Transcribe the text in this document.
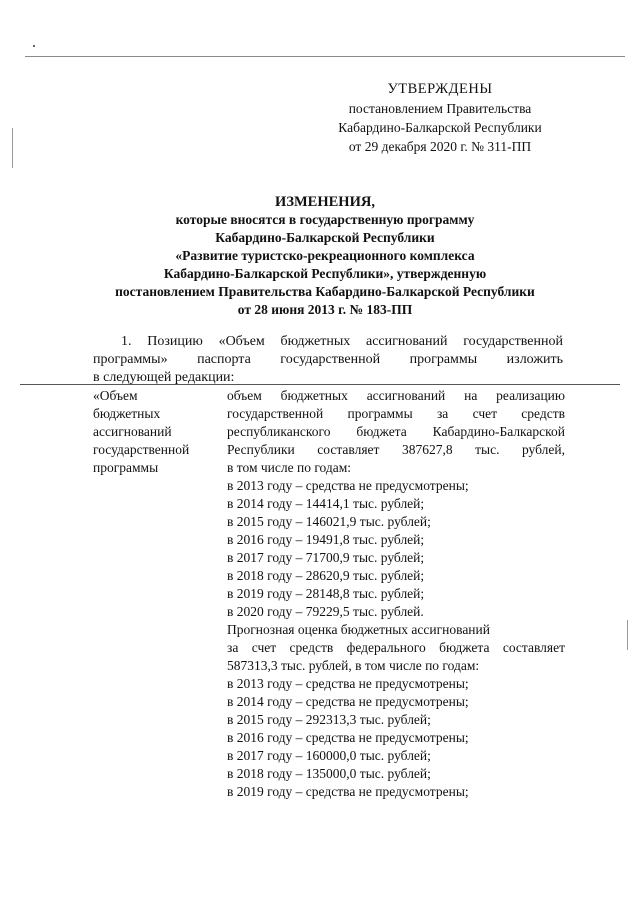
УТВЕРЖДЕНЫ
постановлением Правительства
Кабардино-Балкарской Республики
от 29 декабря 2020 г. № 311-ПП
ИЗМЕНЕНИЯ,
которые вносятся в государственную программу
Кабардино-Балкарской Республики
«Развитие туристско-рекреационного комплекса
Кабардино-Балкарской Республики», утвержденную
постановлением Правительства Кабардино-Балкарской Республики
от 28 июня 2013 г. № 183-ПП
1. Позицию «Объем бюджетных ассигнований государственной
программы» паспорта государственной программы изложить
в следующей редакции:
«Объем
бюджетных
ассигнований
государственной
программы
объем бюджетных ассигнований на реализацию
государственной программы за счет средств
республиканского бюджета Кабардино-Балкарской
Республики составляет 387627,8 тыс. рублей,
в том числе по годам:
в 2013 году – средства не предусмотрены;
в 2014 году – 14414,1 тыс. рублей;
в 2015 году – 146021,9 тыс. рублей;
в 2016 году – 19491,8 тыс. рублей;
в 2017 году – 71700,9 тыс. рублей;
в 2018 году – 28620,9 тыс. рублей;
в 2019 году – 28148,8 тыс. рублей;
в 2020 году – 79229,5 тыс. рублей.
Прогнозная оценка бюджетных ассигнований
за счет средств федерального бюджета составляет
587313,3 тыс. рублей, в том числе по годам:
в 2013 году – средства не предусмотрены;
в 2014 году – средства не предусмотрены;
в 2015 году – 292313,3 тыс. рублей;
в 2016 году – средства не предусмотрены;
в 2017 году – 160000,0 тыс. рублей;
в 2018 году – 135000,0 тыс. рублей;
в 2019 году – средства не предусмотрены;
